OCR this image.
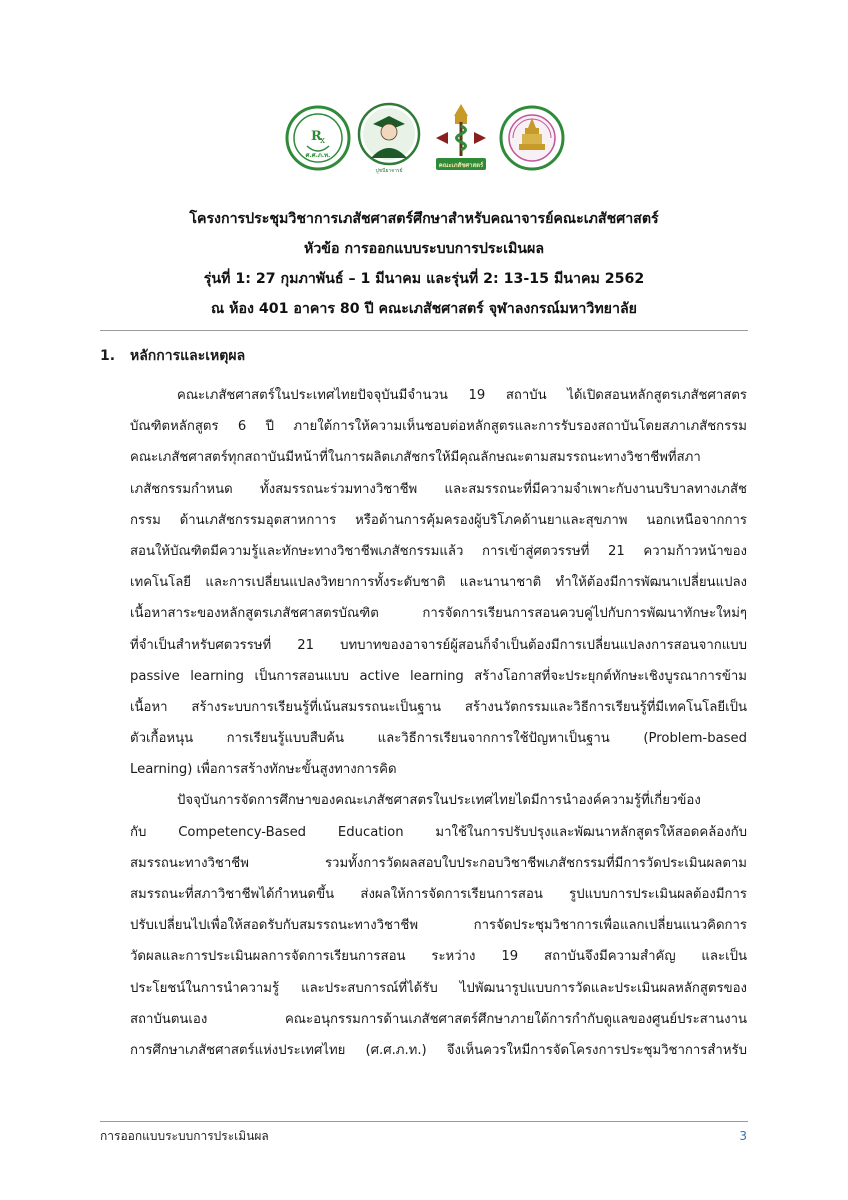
R
x
ศ.ศ.ภ.ท.
ปูชนียาจารย์
คณะเภสัชศาสตร์
โครงการประชุมวิชาการเภสัชศาสตร์ศึกษาสำหรับคณาจารย์คณะเภสัชศาสตร์
หัวข้อ การออกแบบระบบการประเมินผล
รุ่นที่ 1: 27 กุมภาพันธ์ – 1 มีนาคม และรุ่นที่ 2: 13-15 มีนาคม 2562
ณ ห้อง 401 อาคาร 80 ปี คณะเภสัชศาสตร์ จุฬาลงกรณ์มหาวิทยาลัย
1. หลักการและเหตุผล
คณะเภสัชศาสตร์ในประเทศไทยปัจจุบันมีจำนวน 19 สถาบัน ได้เปิดสอนหลักสูตรเภสัชศาสตร
บัณฑิตหลักสูตร 6 ปี ภายใต้การให้ความเห็นชอบต่อหลักสูตรและการรับรองสถาบันโดยสภาเภสัชกรรม
คณะเภสัชศาสตร์ทุกสถาบันมีหน้าที่ในการผลิตเภสัชกรให้มีคุณลักษณะตามสมรรถนะทางวิชาชีพที่สภา
เภสัชกรรมกำหนด ทั้งสมรรถนะร่วมทางวิชาชีพ และสมรรถนะที่มีความจำเพาะกับงานบริบาลทางเภสัช
กรรม ด้านเภสัชกรรมอุตสาหกาาร หรือด้านการคุ้มครองผู้บริโภคด้านยาและสุขภาพ นอกเหนือจากการ
สอนให้บัณฑิตมีความรู้และทักษะทางวิชาชีพเภสัชกรรมแล้ว การเข้าสู่ศตวรรษที่ 21 ความก้าวหน้าของ
เทคโนโลยี และการเปลี่ยนแปลงวิทยาการทั้งระดับชาติ และนานาชาติ ทำให้ต้องมีการพัฒนาเปลี่ยนแปลง
เนื้อหาสาระของหลักสูตรเภสัชศาสตรบัณฑิต การจัดการเรียนการสอนควบคู่ไปกับการพัฒนาทักษะใหม่ๆ
ที่จำเป็นสำหรับศตวรรษที่ 21 บทบาทของอาจารย์ผู้สอนก็จำเป็นต้องมีการเปลี่ยนแปลงการสอนจากแบบ
passive learning เป็นการสอนแบบ active learning สร้างโอกาสที่จะประยุกต์ทักษะเชิงบูรณาการข้าม
เนื้อหา สร้างระบบการเรียนรู้ที่เน้นสมรรถนะเป็นฐาน สร้างนวัตกรรมและวิธีการเรียนรู้ที่มีเทคโนโลยีเป็น
ตัวเกื้อหนุน การเรียนรู้แบบสืบค้น และวิธีการเรียนจากการใช้ปัญหาเป็นฐาน (Problem-based
Learning) เพื่อการสร้างทักษะขั้นสูงทางการคิด
ปัจจุบันการจัดการศึกษาของคณะเภสัชศาสตรในประเทศไทยไดมีการนำองค์ความรู้ที่เกี่ยวข้อง
กับ Competency-Based Education มาใช้ในการปรับปรุงและพัฒนาหลักสูตรให้สอดคล้องกับ
สมรรถนะทางวิชาชีพ รวมทั้งการวัดผลสอบใบประกอบวิชาชีพเภสัชกรรมที่มีการวัดประเมินผลตาม
สมรรถนะที่สภาวิชาชีพได้กำหนดขึ้น ส่งผลให้การจัดการเรียนการสอน รูปแบบการประเมินผลต้องมีการ
ปรับเปลี่ยนไปเพื่อให้สอดรับกับสมรรถนะทางวิชาชีพ การจัดประชุมวิชาการเพื่อแลกเปลี่ยนแนวคิดการ
วัดผลและการประเมินผลการจัดการเรียนการสอน ระหว่าง 19 สถาบันจึงมีความสำคัญ และเป็น
ประโยชน์ในการนำความรู้ และประสบการณ์ที่ได้รับ ไปพัฒนารูปแบบการวัดและประเมินผลหลักสูตรของ
สถาบันตนเอง คณะอนุกรรมการด้านเภสัชศาสตร์ศึกษาภายใต้การกำกับดูแลของศูนย์ประสานงาน
การศึกษาเภสัชศาสตร์แห่งประเทศไทย (ศ.ศ.ภ.ท.) จึงเห็นควรใหมีการจัดโครงการประชุมวิชาการสำหรับ
การออกแบบระบบการประเมินผล	3
